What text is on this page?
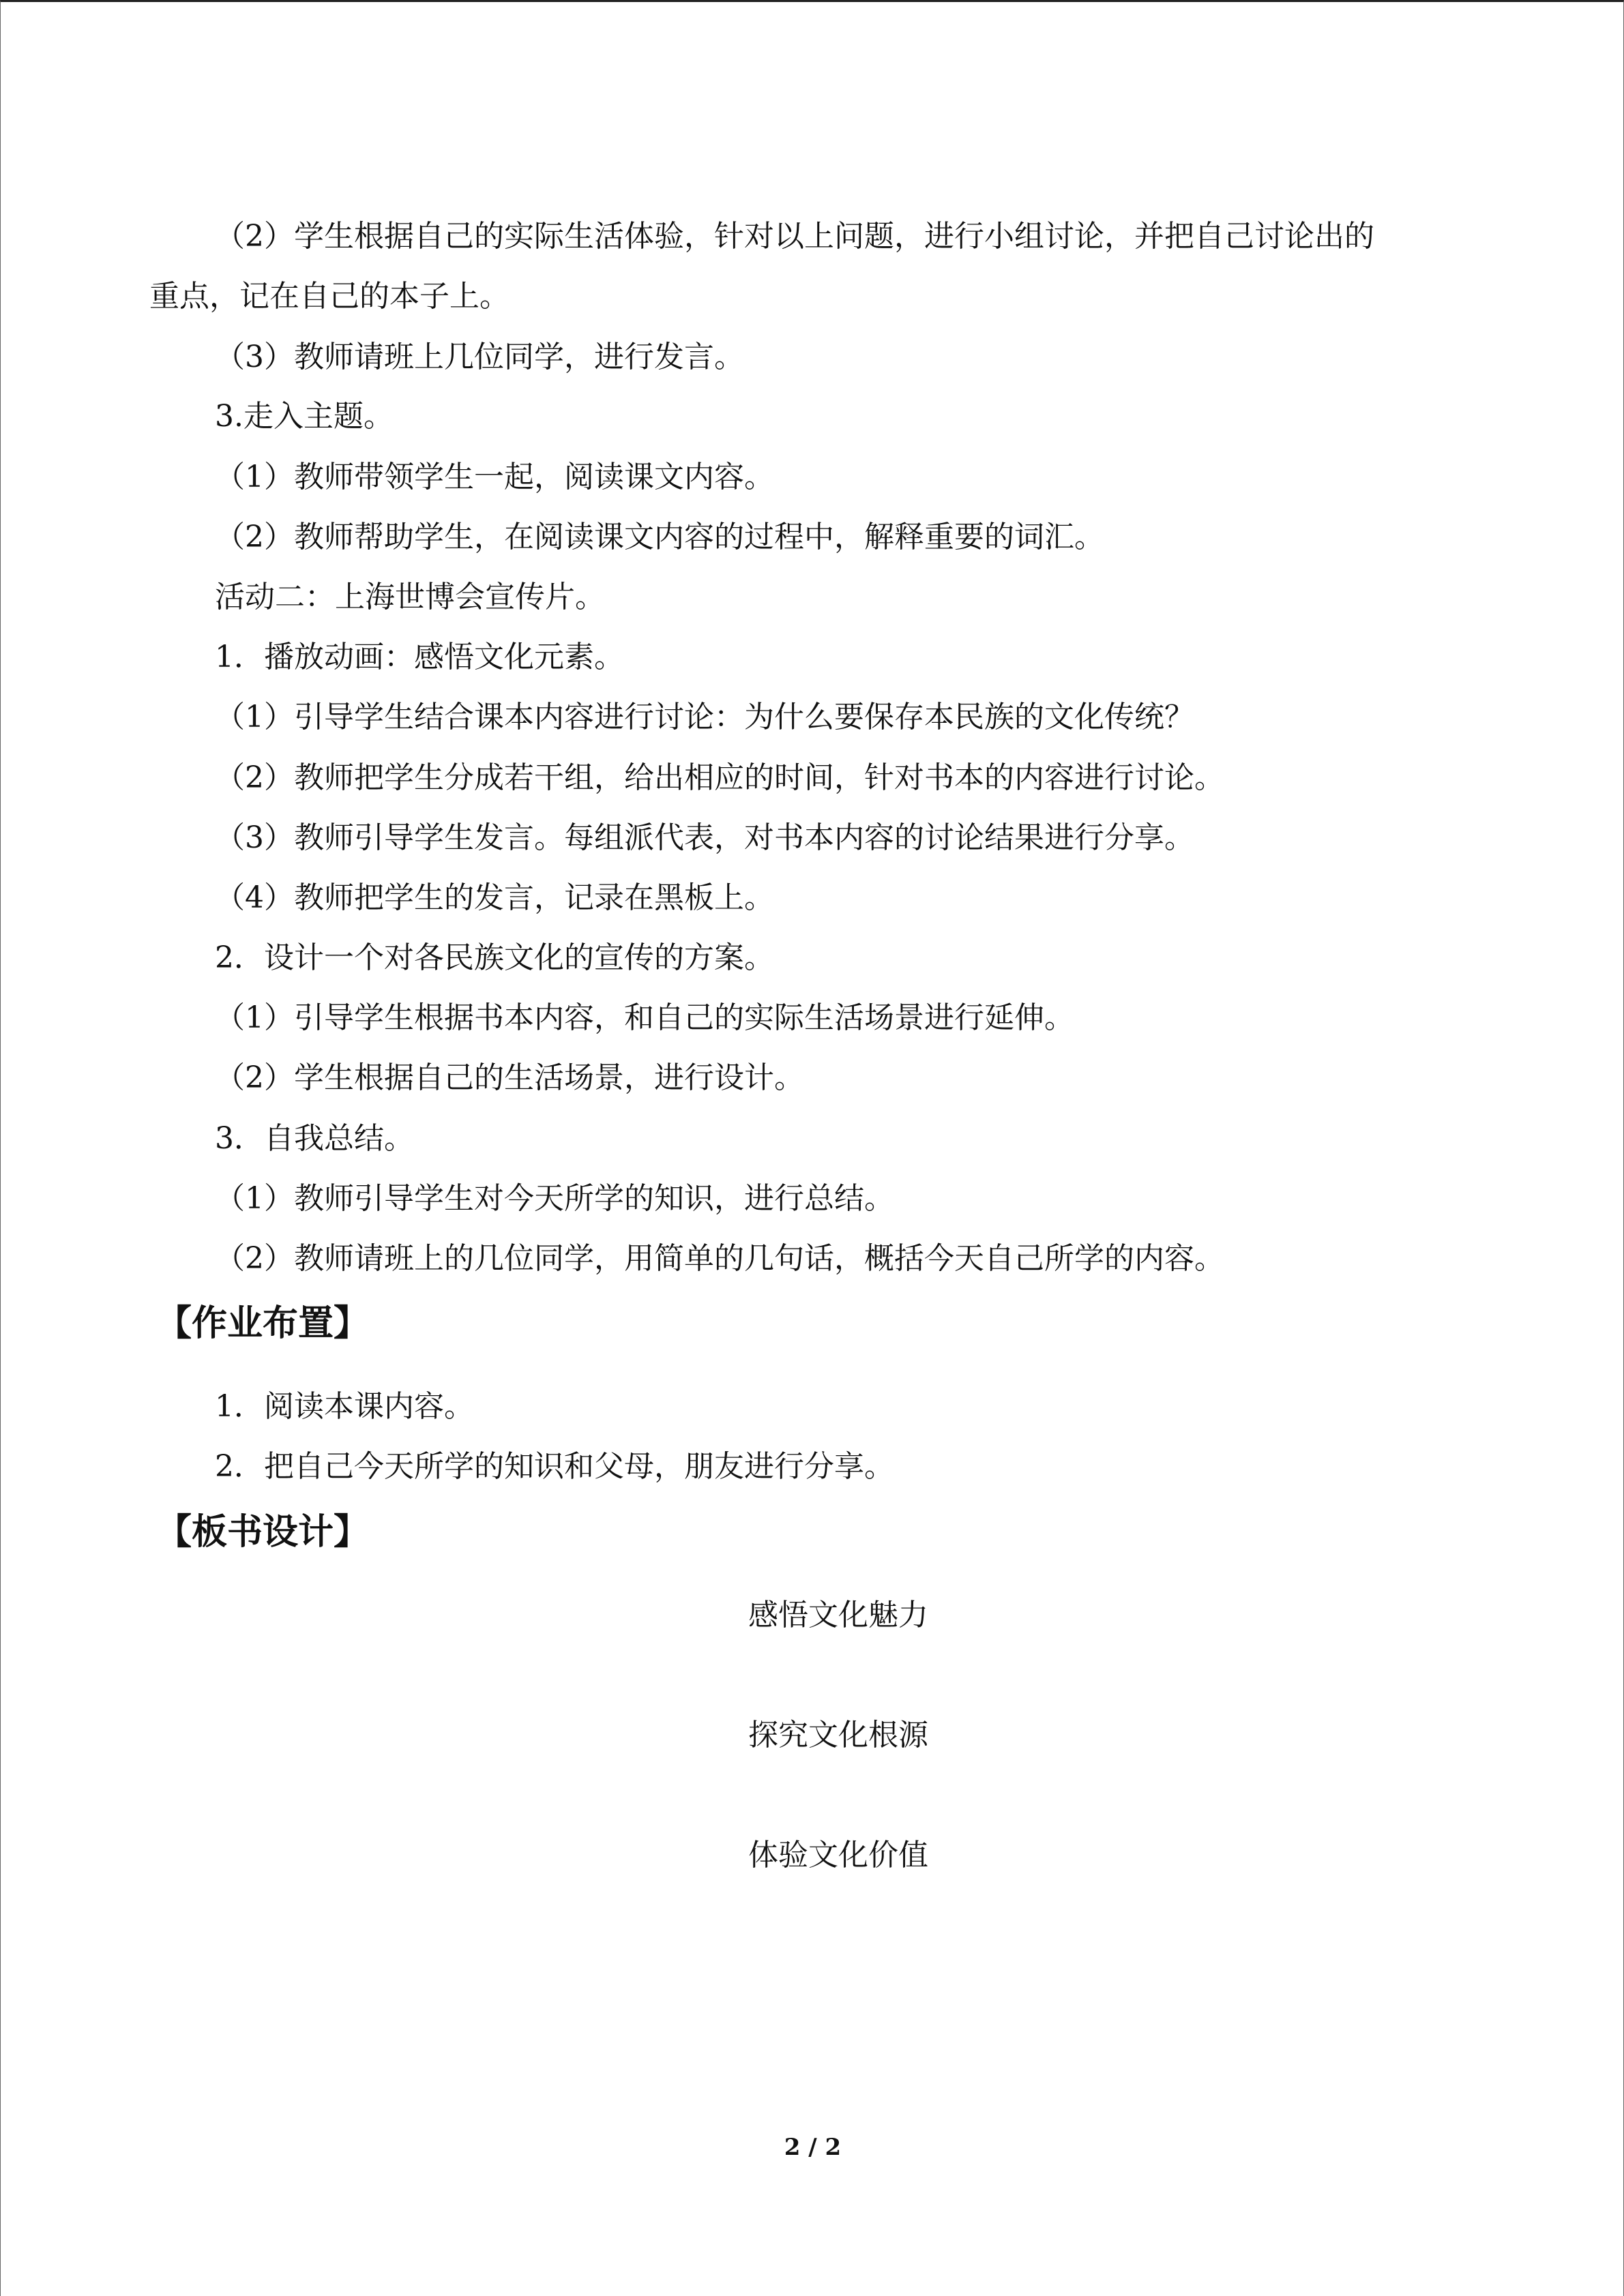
（2）学生根据自己的实际生活体验，针对以上问题，进行小组讨论，并把自己讨论出的
重点，记在自己的本子上。
（3）教师请班上几位同学，进行发言。
3.走入主题。
（1）教师带领学生一起，阅读课文内容。
（2）教师帮助学生，在阅读课文内容的过程中，解释重要的词汇。
活动二：上海世博会宣传片。
1．播放动画：感悟文化元素。
（1）引导学生结合课本内容进行讨论：为什么要保存本民族的文化传统？
（2）教师把学生分成若干组，给出相应的时间，针对书本的内容进行讨论。
（3）教师引导学生发言。每组派代表，对书本内容的讨论结果进行分享。
（4）教师把学生的发言，记录在黑板上。
2．设计一个对各民族文化的宣传的方案。
（1）引导学生根据书本内容，和自己的实际生活场景进行延伸。
（2）学生根据自己的生活场景，进行设计。
3．自我总结。
（1）教师引导学生对今天所学的知识，进行总结。
（2）教师请班上的几位同学，用简单的几句话，概括今天自己所学的内容。
【作业布置】
1．阅读本课内容。
2．把自己今天所学的知识和父母，朋友进行分享。
【板书设计】
感悟文化魅力
探究文化根源
体验文化价值
2 / 2
